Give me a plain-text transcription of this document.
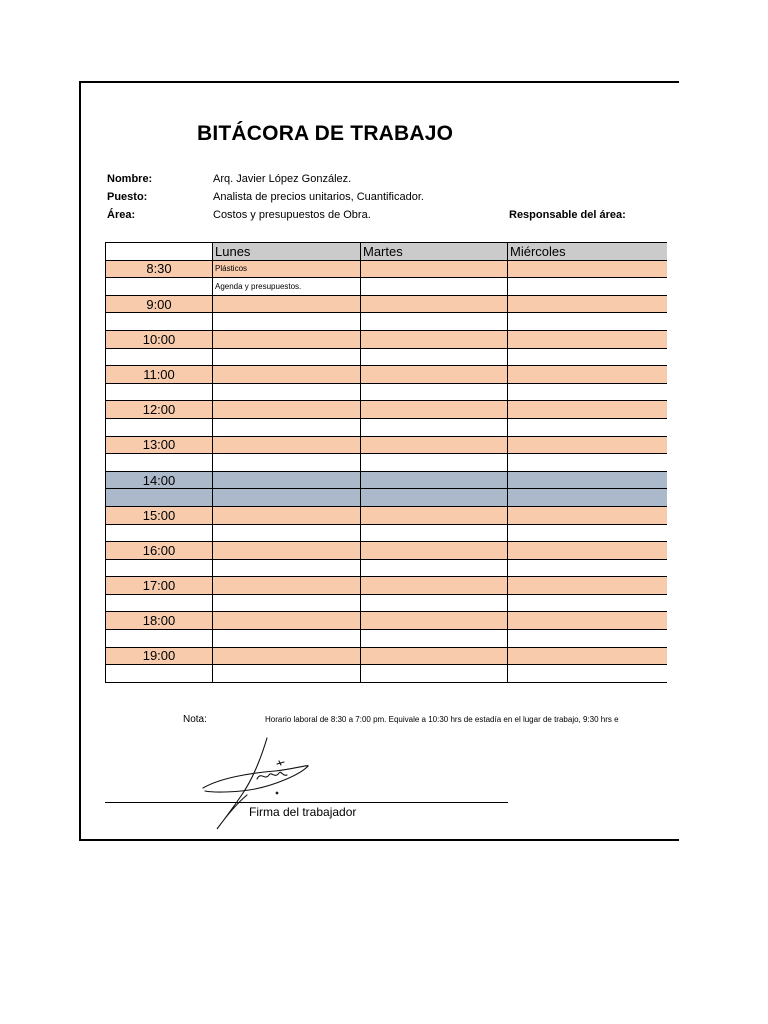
BITÁCORA DE TRABAJO
Nombre:	Arq. Javier López González.
Puesto:	Analista de precios unitarios, Cuantificador.
Área:	Costos y presupuestos de Obra.	Responsable del área:
	Lunes	Martes	Miércoles
8:30	Plásticos		
	Agenda y presupuestos.		
9:00			

10:00			

11:00			

12:00			

13:00			

14:00			

15:00			

16:00			

17:00			

18:00			

19:00			

Nota:	Horario laboral de 8:30 a 7:00 pm. Equivale a 10:30 hrs de estadía en el lugar de trabajo, 9:30 hrs e
Firma del trabajador
